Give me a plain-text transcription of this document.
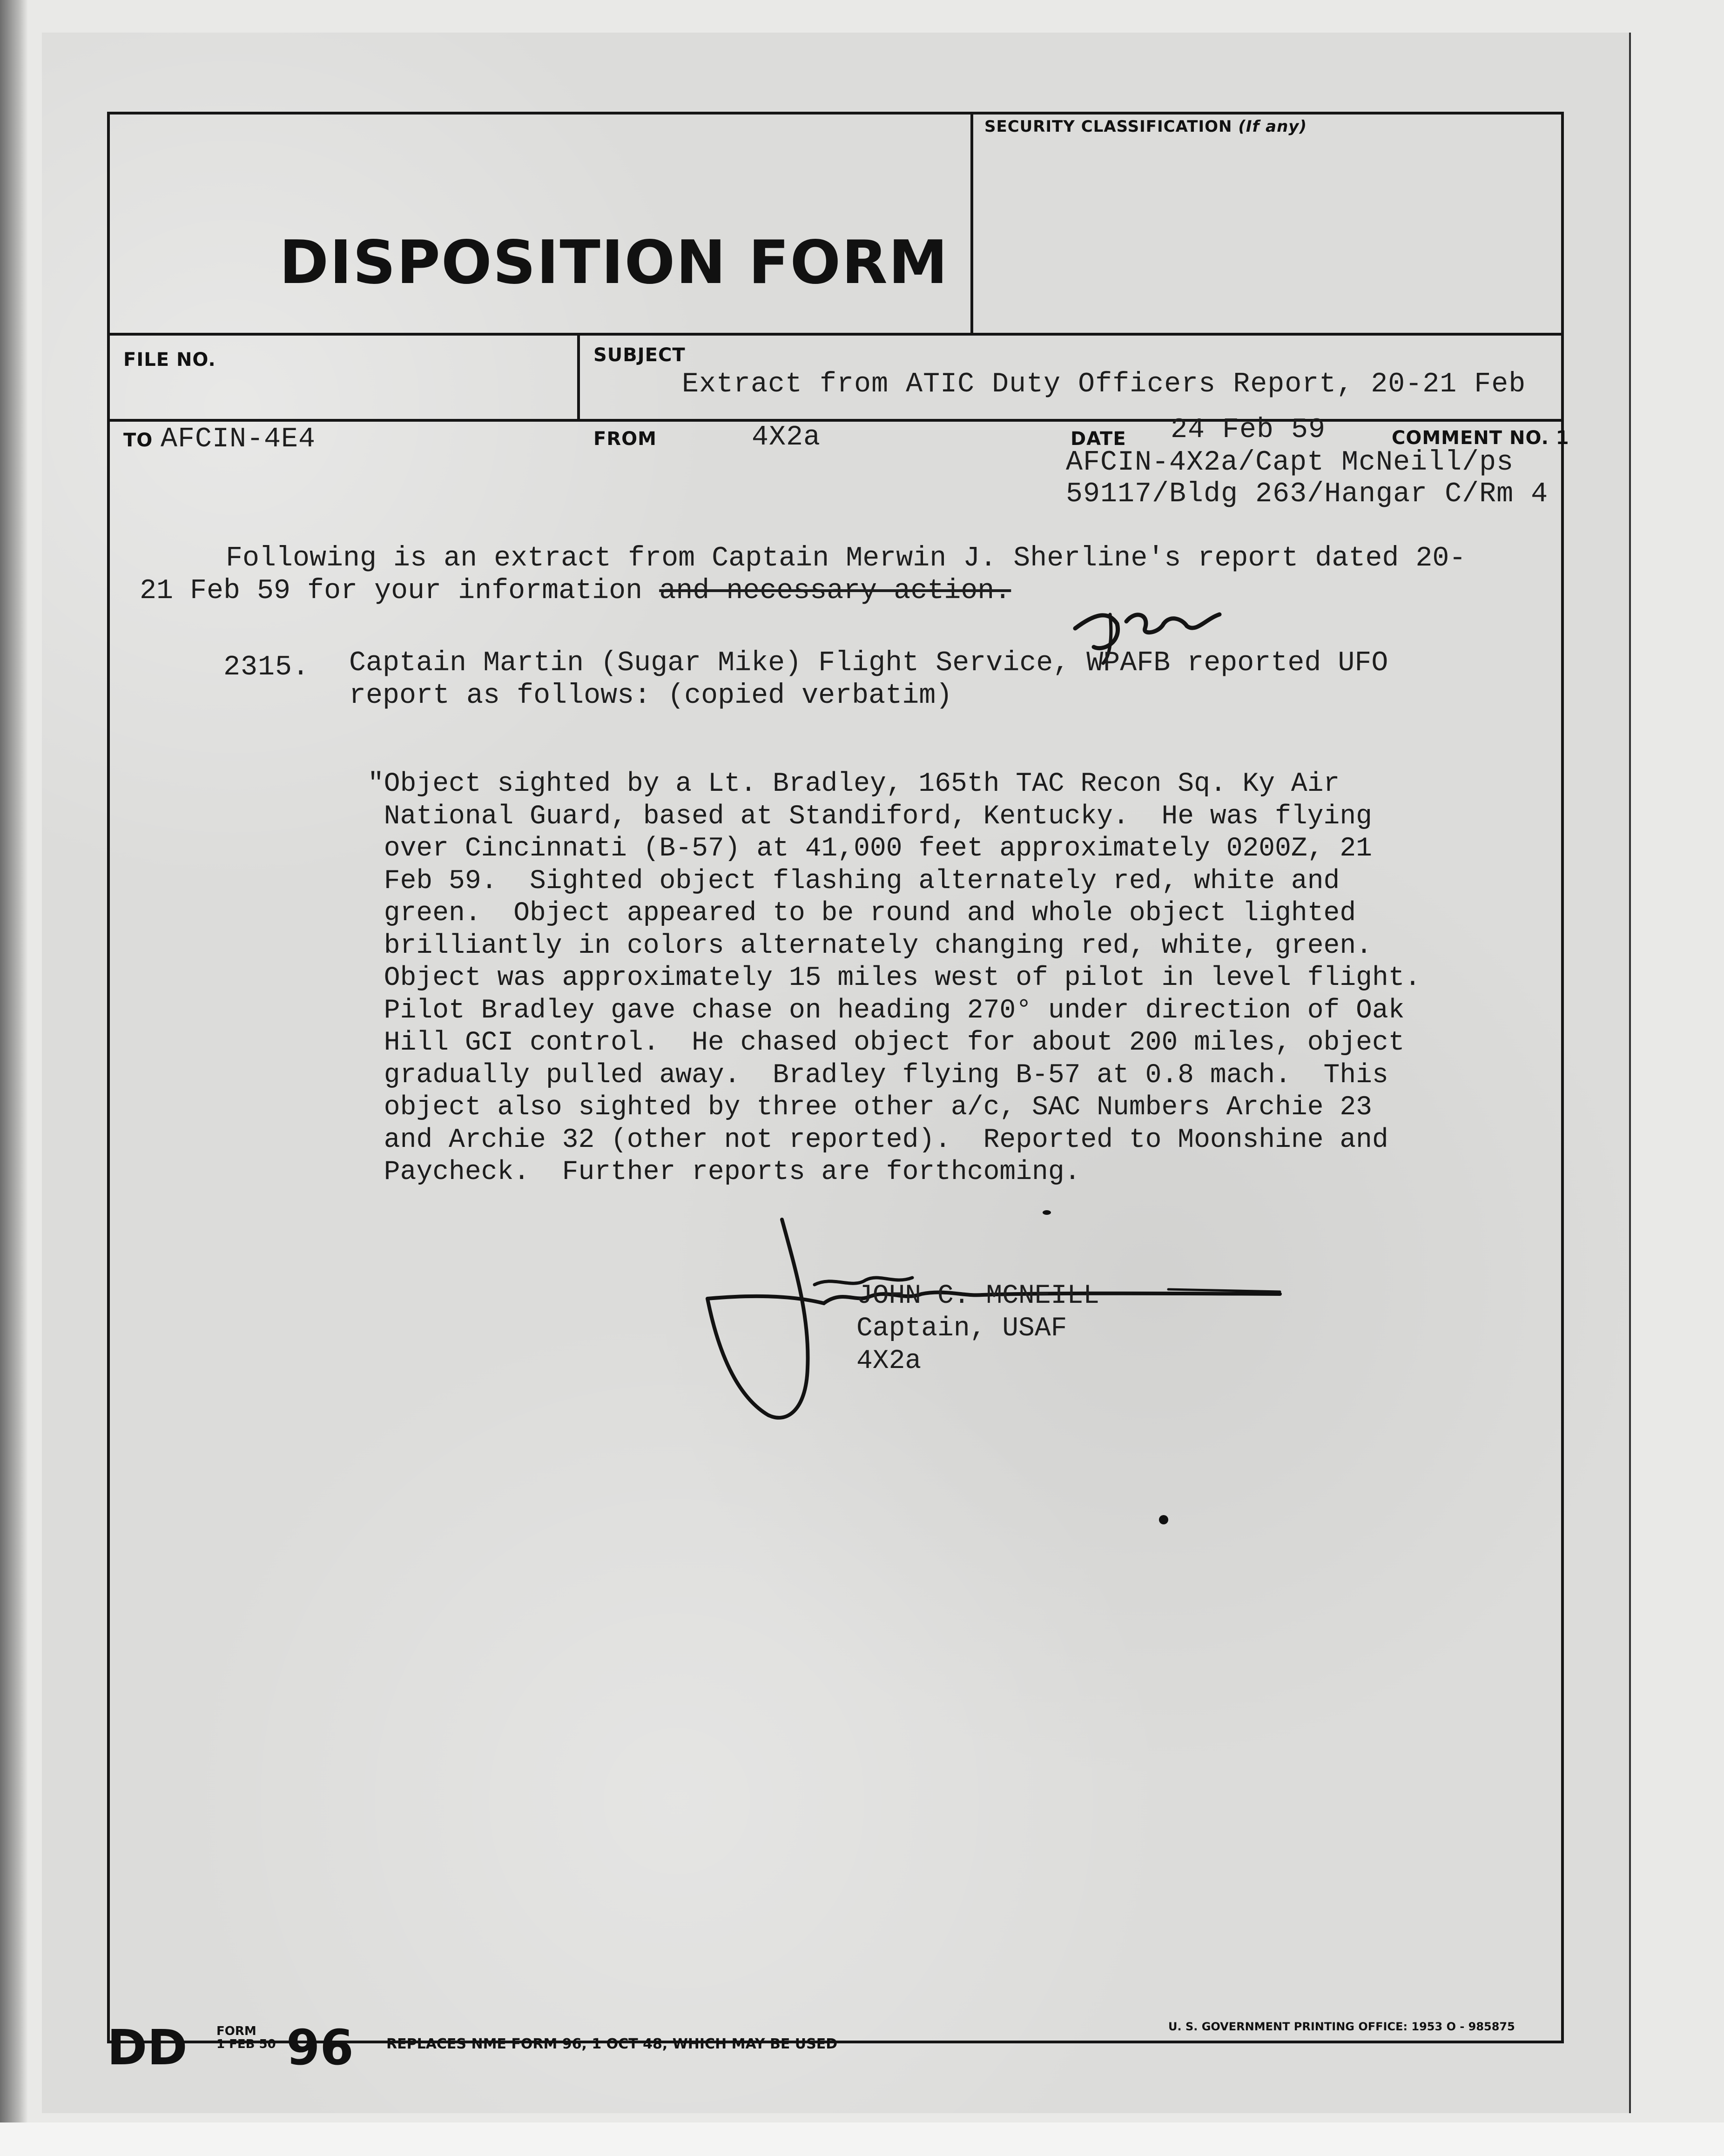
DISPOSITION FORM
SECURITY CLASSIFICATION (If any)
FILE NO.	SUBJECT
Extract from ATIC Duty Officers Report, 20-21 Feb
TO AFCIN-4E4	FROM	4X2a	DATE 24 Feb 59	COMMENT NO. 1
AFCIN-4X2a/Capt McNeill/ps
59117/Bldg 263/Hangar C/Rm 4
Following is an extract from Captain Merwin J. Sherline's report dated 20-
21 Feb 59 for your information and necessary action.
2315. Captain Martin (Sugar Mike) Flight Service, WPAFB reported UFO
report as follows: (copied verbatim)
"Object sighted by a Lt. Bradley, 165th TAC Recon Sq. Ky Air
National Guard, based at Standiford, Kentucky.  He was flying
over Cincinnati (B-57) at 41,000 feet approximately 0200Z, 21
Feb 59.  Sighted object flashing alternately red, white and
green.  Object appeared to be round and whole object lighted
brilliantly in colors alternately changing red, white, green.
Object was approximately 15 miles west of pilot in level flight.
Pilot Bradley gave chase on heading 270° under direction of Oak
Hill GCI control.  He chased object for about 200 miles, object
gradually pulled away.  Bradley flying B-57 at 0.8 mach.  This
object also sighted by three other a/c, SAC Numbers Archie 23
and Archie 32 (other not reported).  Reported to Moonshine and
Paycheck.  Further reports are forthcoming.
JOHN C. MCNEILL
Captain, USAF
4X2a
DD FORM
1 FEB 50 96 REPLACES NME FORM 96, 1 OCT 48, WHICH MAY BE USED
U. S. GOVERNMENT PRINTING OFFICE: 1953 O - 985875
